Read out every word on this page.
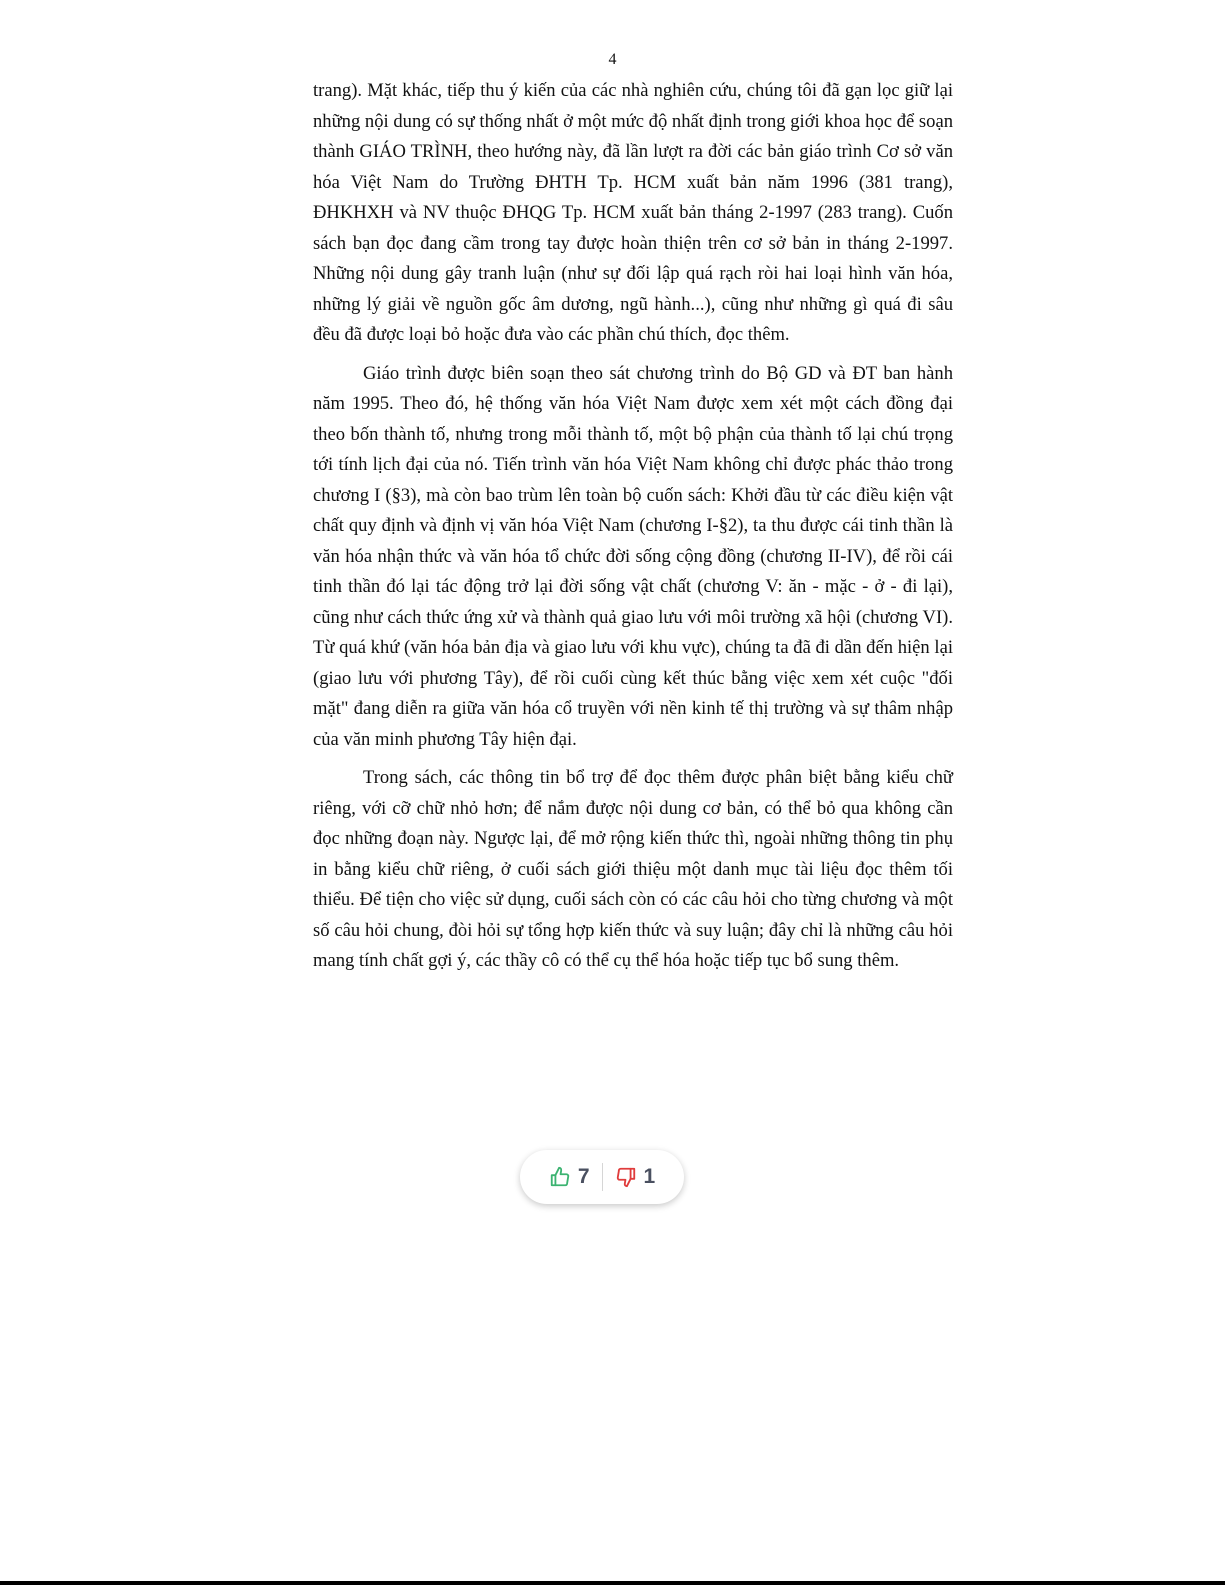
4

trang). Mặt khác, tiếp thu ý kiến của các nhà nghiên cứu, chúng tôi đã gạn lọc giữ lại những nội dung có sự thống nhất ở một mức độ nhất định trong giới khoa học để soạn thành GIÁO TRÌNH, theo hướng này, đã lần lượt ra đời các bản giáo trình Cơ sở văn hóa Việt Nam do Trường ĐHTH Tp. HCM xuất bản năm 1996 (381 trang), ĐHKHXH và NV thuộc ĐHQG Tp. HCM xuất bản tháng 2-1997 (283 trang). Cuốn sách bạn đọc đang cầm trong tay được hoàn thiện trên cơ sở bản in tháng 2-1997. Những nội dung gây tranh luận (như sự đối lập quá rạch ròi hai loại hình văn hóa, những lý giải về nguồn gốc âm dương, ngũ hành...), cũng như những gì quá đi sâu đều đã được loại bỏ hoặc đưa vào các phần chú thích, đọc thêm.

Giáo trình được biên soạn theo sát chương trình do Bộ GD và ĐT ban hành năm 1995. Theo đó, hệ thống văn hóa Việt Nam được xem xét một cách đồng đại theo bốn thành tố, nhưng trong mỗi thành tố, một bộ phận của thành tố lại chú trọng tới tính lịch đại của nó. Tiến trình văn hóa Việt Nam không chỉ được phác thảo trong chương I (§3), mà còn bao trùm lên toàn bộ cuốn sách: Khởi đầu từ các điều kiện vật chất quy định và định vị văn hóa Việt Nam (chương I-§2), ta thu được cái tinh thần là văn hóa nhận thức và văn hóa tổ chức đời sống cộng đồng (chương II-IV), để rồi cái tinh thần đó lại tác động trở lại đời sống vật chất (chương V: ăn - mặc - ở - đi lại), cũng như cách thức ứng xử và thành quả giao lưu với môi trường xã hội (chương VI). Từ quá khứ (văn hóa bản địa và giao lưu với khu vực), chúng ta đã đi dần đến hiện lại (giao lưu với phương Tây), để rồi cuối cùng kết thúc bằng việc xem xét cuộc "đối mặt" đang diễn ra giữa văn hóa cổ truyền với nền kinh tế thị trường và sự thâm nhập của văn minh phương Tây hiện đại.

Trong sách, các thông tin bổ trợ để đọc thêm được phân biệt bằng kiểu chữ riêng, với cỡ chữ nhỏ hơn; để nắm được nội dung cơ bản, có thể bỏ qua không cần đọc những đoạn này. Ngược lại, để mở rộng kiến thức thì, ngoài những thông tin phụ in bằng kiểu chữ riêng, ở cuối sách giới thiệu một danh mục tài liệu đọc thêm tối thiểu. Để tiện cho việc sử dụng, cuối sách còn có các câu hỏi cho từng chương và một số câu hỏi chung, đòi hỏi sự tổng hợp kiến thức và suy luận; đây chỉ là những câu hỏi mang tính chất gợi ý, các thầy cô có thể cụ thể hóa hoặc tiếp tục bổ sung thêm.

7	1
